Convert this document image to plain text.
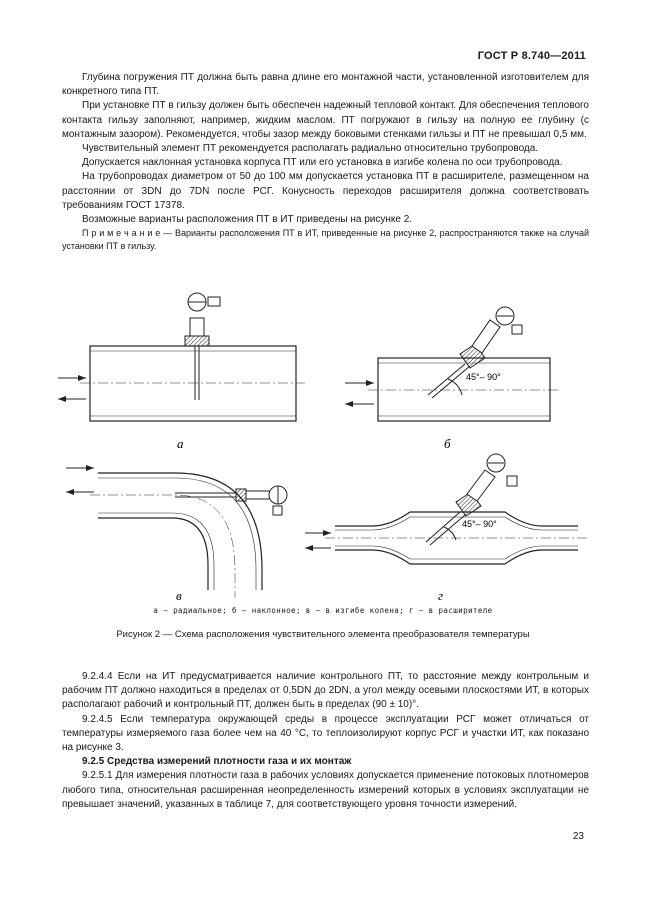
ГОСТ Р 8.740—2011

Глубина погружения ПТ должна быть равна длине его монтажной части, установленной изготовителем для конкретного типа ПТ.

При установке ПТ в гильзу должен быть обеспечен надежный тепловой контакт. Для обеспечения теплового контакта гильзу заполняют, например, жидким маслом. ПТ погружают в гильзу на полную ее глубину (с монтажным зазором). Рекомендуется, чтобы зазор между боковыми стенками гильзы и ПТ не превышал 0,5 мм.

Чувствительный элемент ПТ рекомендуется располагать радиально относительно трубопровода.

Допускается наклонная установка корпуса ПТ или его установка в изгибе колена по оси трубопровода.

На трубопроводах диаметром от 50 до 100 мм допускается установка ПТ в расширителе, размещенном на расстоянии от 3DN до 7DN после РСГ. Конусность переходов расширителя должна соответствовать требованиям ГОСТ 17378.

Возможные варианты расположения ПТ в ИТ приведены на рисунке 2.

П р и м е ч а н и е — Варианты расположения ПТ в ИТ, приведенные на рисунке 2, распространяются также на случай установки ПТ в гильзу.

а
45°– 90°
б
в
45°– 90°
г
а — радиальное; б — наклонное; в — в изгибе колена; г — в расширителе
Рисунок 2 — Схема расположения чувствительного элемента преобразователя температуры

9.2.4.4 Если на ИТ предусматривается наличие контрольного ПТ, то расстояние между контрольным и рабочим ПТ должно находиться в пределах от 0,5DN до 2DN, а угол между осевыми плоскостями ИТ, в которых располагают рабочий и контрольный ПТ, должен быть в пределах (90 ± 10)°.

9.2.4.5 Если температура окружающей среды в процессе эксплуатации РСГ может отличаться от температуры измеряемого газа более чем на 40 °С, то теплоизолируют корпус РСГ и участки ИТ, как показано на рисунке 3.

9.2.5 Средства измерений плотности газа и их монтаж

9.2.5.1 Для измерения плотности газа в рабочих условиях допускается применение потоковых плотномеров любого типа, относительная расширенная неопределенность измерений которых в условиях эксплуатации не превышает значений, указанных в таблице 7, для соответствующего уровня точности измерений.

23
